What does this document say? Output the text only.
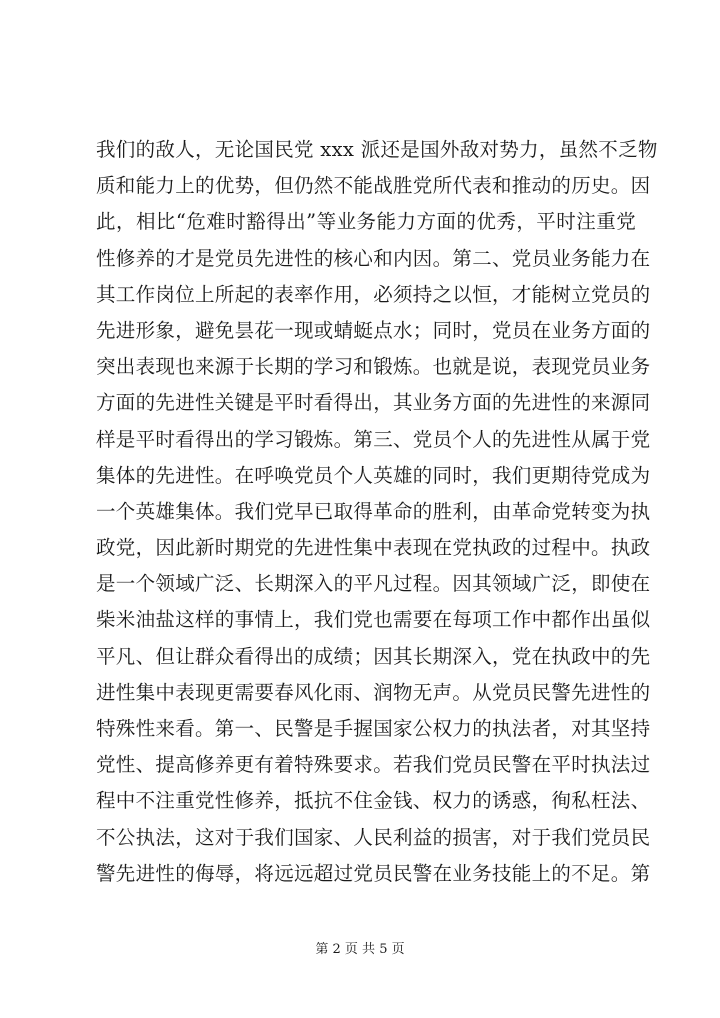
我们的敌人，无论国民党 xxx 派还是国外敌对势力，虽然不乏物
质和能力上的优势，但仍然不能战胜党所代表和推动的历史。因
此，相比“危难时豁得出”等业务能力方面的优秀，平时注重党
性修养的才是党员先进性的核心和内因。第二、党员业务能力在
其工作岗位上所起的表率作用，必须持之以恒，才能树立党员的
先进形象，避免昙花一现或蜻蜓点水；同时，党员在业务方面的
突出表现也来源于长期的学习和锻炼。也就是说，表现党员业务
方面的先进性关键是平时看得出，其业务方面的先进性的来源同
样是平时看得出的学习锻炼。第三、党员个人的先进性从属于党
集体的先进性。在呼唤党员个人英雄的同时，我们更期待党成为
一个英雄集体。我们党早已取得革命的胜利，由革命党转变为执
政党，因此新时期党的先进性集中表现在党执政的过程中。执政
是一个领域广泛、长期深入的平凡过程。因其领域广泛，即使在
柴米油盐这样的事情上，我们党也需要在每项工作中都作出虽似
平凡、但让群众看得出的成绩；因其长期深入，党在执政中的先
进性集中表现更需要春风化雨、润物无声。从党员民警先进性的
特殊性来看。第一、民警是手握国家公权力的执法者，对其坚持
党性、提高修养更有着特殊要求。若我们党员民警在平时执法过
程中不注重党性修养，抵抗不住金钱、权力的诱惑，徇私枉法、
不公执法，这对于我们国家、人民利益的损害，对于我们党员民
警先进性的侮辱，将远远超过党员民警在业务技能上的不足。第
第 2 页 共 5 页
